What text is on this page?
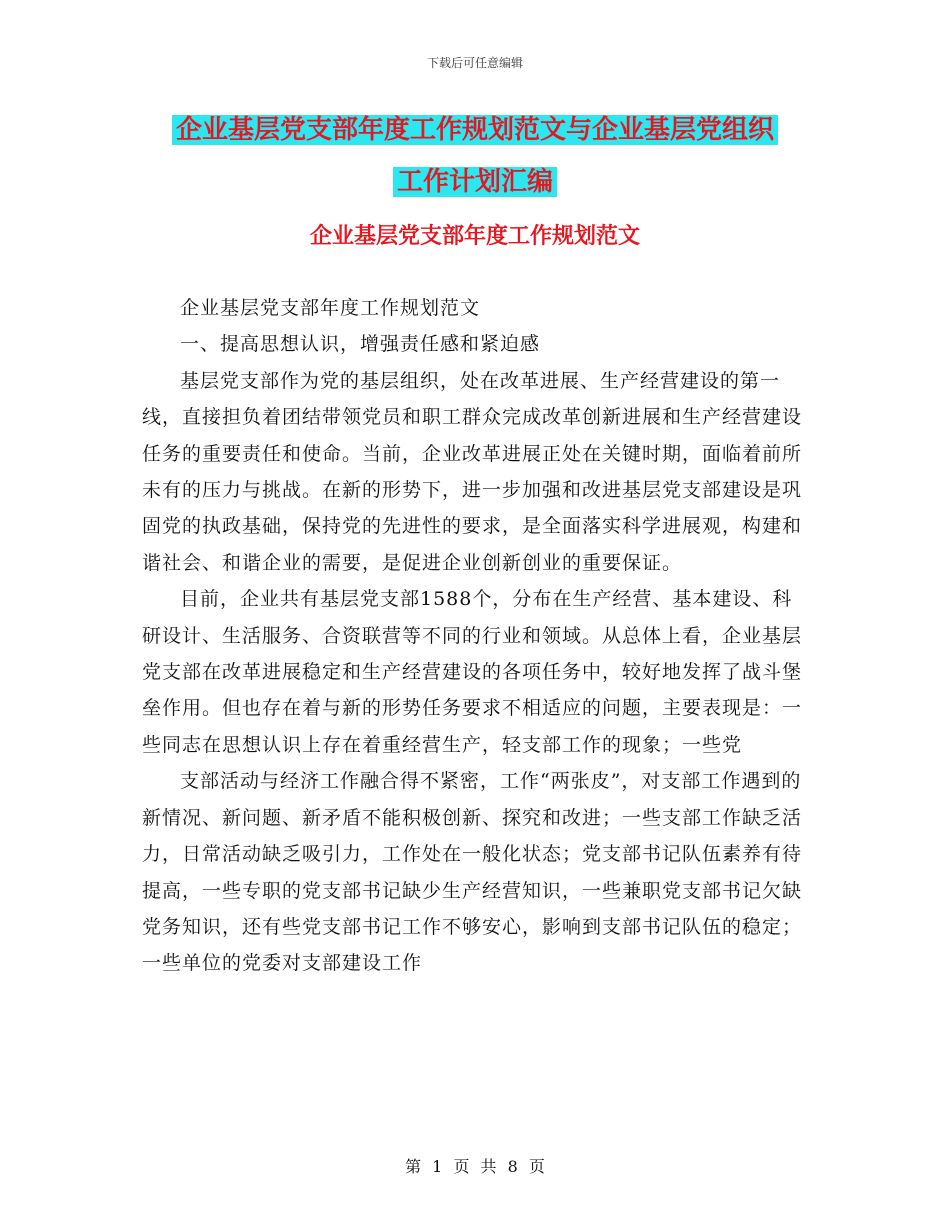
下载后可任意编辑
企业基层党支部年度工作规划范文与企业基层党组织
工作计划汇编
企业基层党支部年度工作规划范文

企业基层党支部年度工作规划范文

一、提高思想认识，增强责任感和紧迫感

基层党支部作为党的基层组织，处在改革进展、生产经营建设的第一线，直接担负着团结带领党员和职工群众完成改革创新进展和生产经营建设任务的重要责任和使命。当前，企业改革进展正处在关键时期，面临着前所未有的压力与挑战。在新的形势下，进一步加强和改进基层党支部建设是巩固党的执政基础，保持党的先进性的要求，是全面落实科学进展观，构建和谐社会、和谐企业的需要，是促进企业创新创业的重要保证。

目前，企业共有基层党支部1588个，分布在生产经营、基本建设、科研设计、生活服务、合资联营等不同的行业和领域。从总体上看，企业基层党支部在改革进展稳定和生产经营建设的各项任务中，较好地发挥了战斗堡垒作用。但也存在着与新的形势任务要求不相适应的问题，主要表现是：一些同志在思想认识上存在着重经营生产，轻支部工作的现象；一些党

支部活动与经济工作融合得不紧密，工作“两张皮”，对支部工作遇到的新情况、新问题、新矛盾不能积极创新、探究和改进；一些支部工作缺乏活力，日常活动缺乏吸引力，工作处在一般化状态；党支部书记队伍素养有待提高，一些专职的党支部书记缺少生产经营知识，一些兼职党支部书记欠缺党务知识，还有些党支部书记工作不够安心，影响到支部书记队伍的稳定；一些单位的党委对支部建设工作

第 1 页 共 8 页
